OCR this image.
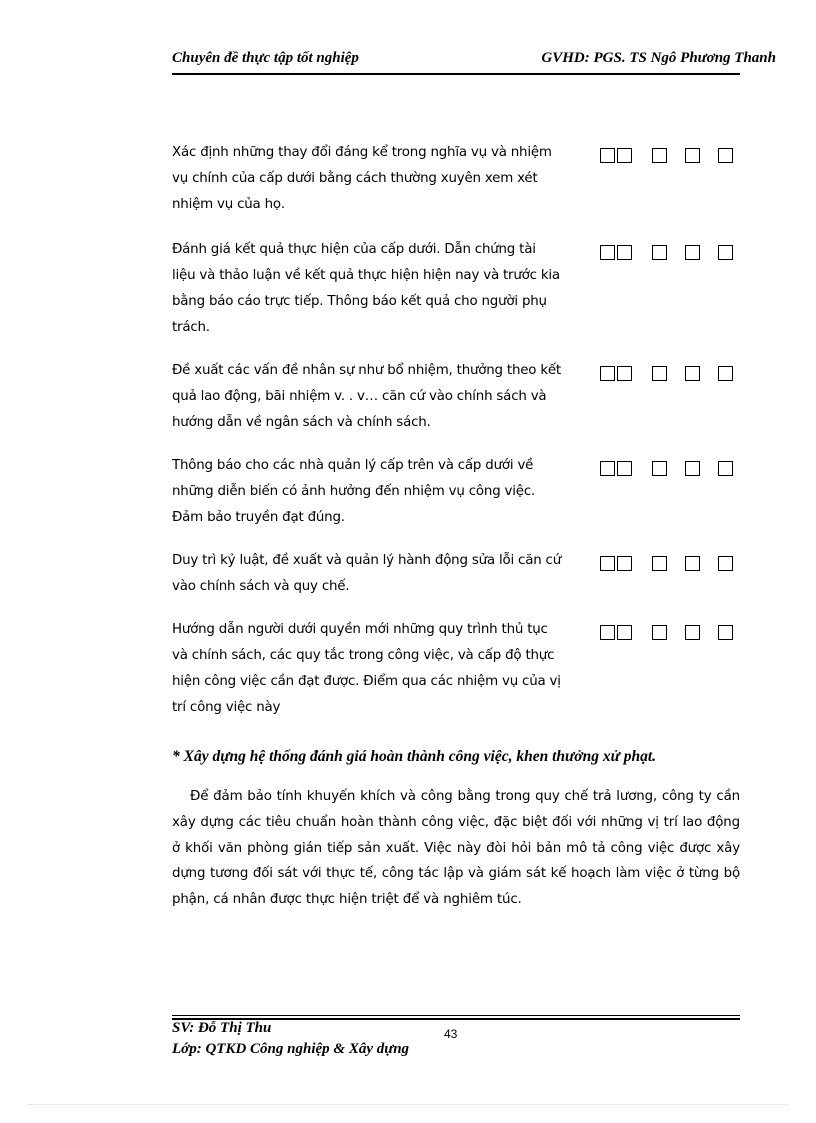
Chuyên đề thực tập tốt nghiệp	GVHD: PGS. TS Ngô Phương Thanh
Xác định những thay đổi đáng kể trong nghĩa vụ và nhiệm vụ chính của cấp dưới bằng cách thường xuyên xem xét nhiệm vụ của họ.
Đánh giá kết quả thực hiện của cấp dưới. Dẫn chứng tài liệu và thảo luận về kết quả thực hiện hiện nay và trước kia bằng báo cáo trực tiếp. Thông báo kết quả cho người phụ trách.
Đề xuất các vấn đề nhân sự như bổ nhiệm, thưởng theo kết quả lao động, bãi nhiệm v. . v… căn cứ vào chính sách và hướng dẫn về ngân sách và chính sách.
Thông báo cho các nhà quản lý cấp trên và cấp dưới về những diễn biến có ảnh hưởng đến nhiệm vụ công việc. Đảm bảo truyền đạt đúng.
Duy trì kỷ luật, đề xuất và quản lý hành động sửa lỗi căn cứ vào chính sách và quy chế.
Hướng dẫn người dưới quyền mới những quy trình thủ tục và chính sách, các quy tắc trong công việc, và cấp độ thực hiện công việc cần đạt được. Điểm qua các nhiệm vụ của vị trí công việc này
* Xây dựng hệ thống đánh giá hoàn thành công việc, khen thưởng xử phạt.
Để đảm bảo tính khuyến khích và công bằng trong quy chế trả lương, công ty cần xây dựng các tiêu chuẩn hoàn thành công việc, đặc biệt đối với những vị trí lao động ở khối văn phòng gián tiếp sản xuất. Việc này đòi hỏi bản mô tả công việc được xây dựng tương đối sát với thực tế, công tác lập và giám sát kế hoạch làm việc ở từng bộ phận, cá nhân được thực hiện triệt để và nghiêm túc.
SV: Đỗ Thị Thu	43
Lớp: QTKD Công nghiệp & Xây dựng
